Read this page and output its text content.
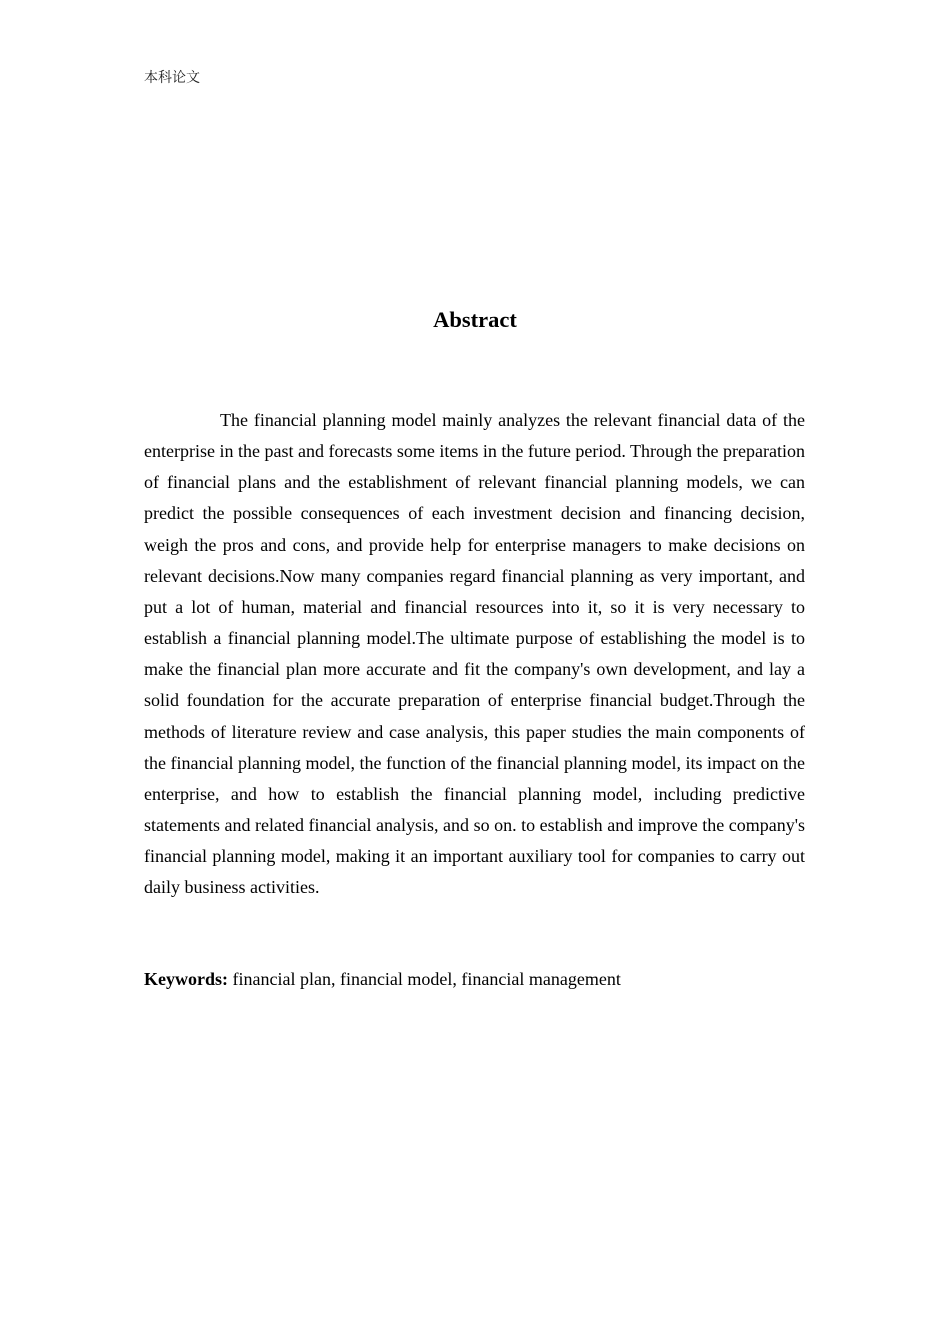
本科论文
Abstract

The financial planning model mainly analyzes the relevant financial data of the enterprise in the past and forecasts some items in the future period. Through the preparation of financial plans and the establishment of relevant financial planning models, we can predict the possible consequences of each investment decision and financing decision, weigh the pros and cons, and provide help for enterprise managers to make decisions on relevant decisions.Now many companies regard financial planning as very important, and put a lot of human, material and financial resources into it, so it is very necessary to establish a financial planning model.The ultimate purpose of establishing the model is to make the financial plan more accurate and fit the company's own development, and lay a solid foundation for the accurate preparation of enterprise financial budget.Through the methods of literature review and case analysis, this paper studies the main components of the financial planning model, the function of the financial planning model, its impact on the enterprise, and how to establish the financial planning model, including predictive statements and related financial analysis, and so on. to establish and improve the company's financial planning model, making it an important auxiliary tool for companies to carry out daily business activities.

Keywords: financial plan, financial model, financial management
